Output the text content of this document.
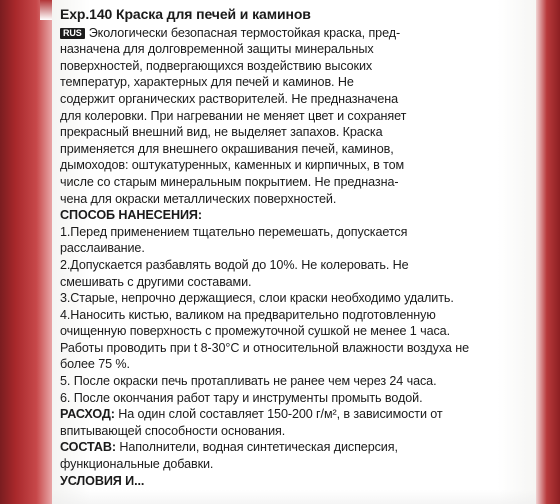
Exp.140 Краска для печей и каминов
RUS Экологически безопасная термостойкая краска, пред-
назначена для долговременной защиты минеральных
поверхностей, подвергающихся воздействию высоких
температур, характерных для печей и каминов. Не
содержит органических растворителей. Не предназначена
для колеровки. При нагревании не меняет цвет и сохраняет
прекрасный внешний вид, не выделяет запахов. Краска
применяется для внешнего окрашивания печей, каминов,
дымоходов: оштукатуренных, каменных и кирпичных, в том
числе со старым минеральным покрытием. Не предназна-
чена для окраски металлических поверхностей.
СПОСОБ НАНЕСЕНИЯ:
1.Перед применением тщательно перемешать, допускается
расслаивание.
2.Допускается разбавлять водой до 10%. Не колеровать. Не
смешивать с другими составами.
3.Старые, непрочно держащиеся, слои краски необходимо удалить.
4.Наносить кистью, валиком на предварительно подготовленную
очищенную поверхность с промежуточной сушкой не менее 1 часа.
Работы проводить при t 8-30°C и относительной влажности воздуха не
более 75 %.
5. После окраски печь протапливать не ранее чем через 24 часа.
6. После окончания работ тару и инструменты промыть водой.
РАСХОД: На один слой составляет 150-200 г/м², в зависимости от
впитывающей способности основания.
СОСТАВ: Наполнители, водная синтетическая дисперсия,
функциональные добавки.
УСЛОВИЯ И...
